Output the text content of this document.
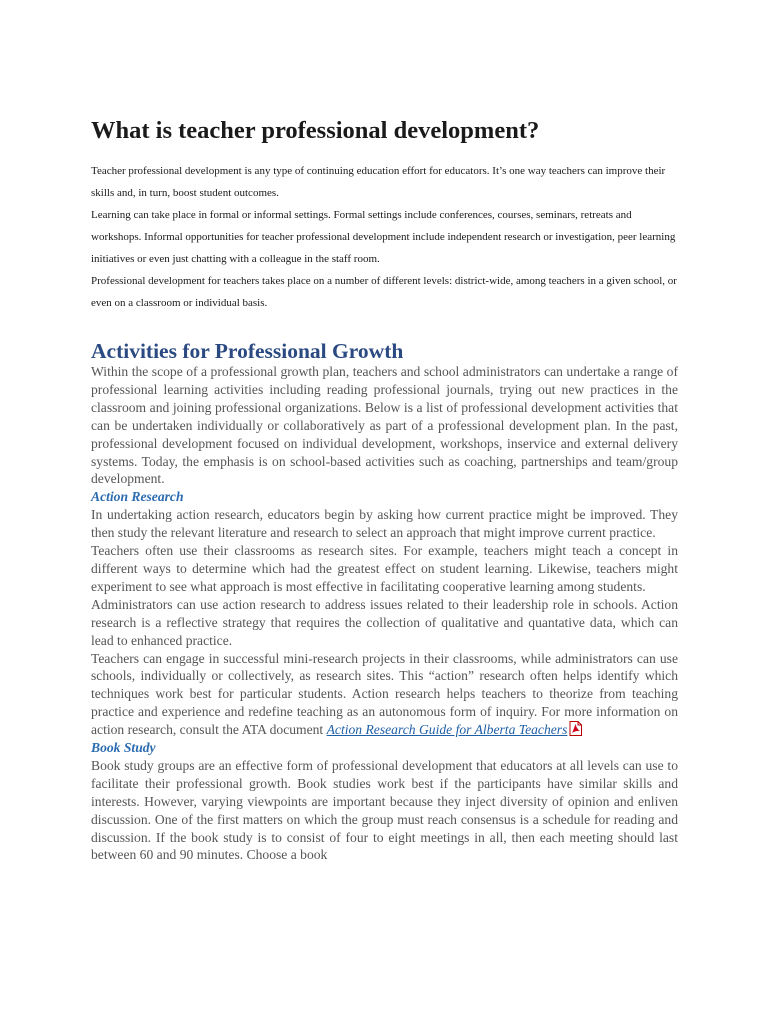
What is teacher professional development?

Teacher professional development is any type of continuing education effort for educators. It’s one way teachers can improve their skills and, in turn, boost student outcomes.

Learning can take place in formal or informal settings. Formal settings include conferences, courses, seminars, retreats and workshops. Informal opportunities for teacher professional development include independent research or investigation, peer learning initiatives or even just chatting with a colleague in the staff room.

Professional development for teachers takes place on a number of different levels: district-wide, among teachers in a given school, or even on a classroom or individual basis.

Activities for Professional Growth

Within the scope of a professional growth plan, teachers and school administrators can undertake a range of professional learning activities including reading professional journals, trying out new practices in the classroom and joining professional organizations. Below is a list of professional development activities that can be undertaken individually or collaboratively as part of a professional development plan. In the past, professional development focused on individual development, workshops, inservice and external delivery systems. Today, the emphasis is on school-based activities such as coaching, partnerships and team/group development.

Action Research

In undertaking action research, educators begin by asking how current practice might be improved. They then study the relevant literature and research to select an approach that might improve current practice.

Teachers often use their classrooms as research sites. For example, teachers might teach a concept in different ways to determine which had the greatest effect on student learning. Likewise, teachers might experiment to see what approach is most effective in facilitating cooperative learning among students.

Administrators can use action research to address issues related to their leadership role in schools. Action research is a reflective strategy that requires the collection of qualitative and quantative data, which can lead to enhanced practice.

Teachers can engage in successful mini-research projects in their classrooms, while administrators can use schools, individually or collectively, as research sites. This “action” research often helps identify which techniques work best for particular students. Action research helps teachers to theorize from teaching practice and experience and redefine teaching as an autonomous form of inquiry. For more information on action research, consult the ATA document Action Research Guide for Alberta Teachers

Book Study

Book study groups are an effective form of professional development that educators at all levels can use to facilitate their professional growth. Book studies work best if the participants have similar skills and interests. However, varying viewpoints are important because they inject diversity of opinion and enliven discussion. One of the first matters on which the group must reach consensus is a schedule for reading and discussion. If the book study is to consist of four to eight meetings in all, then each meeting should last between 60 and 90 minutes. Choose a book
